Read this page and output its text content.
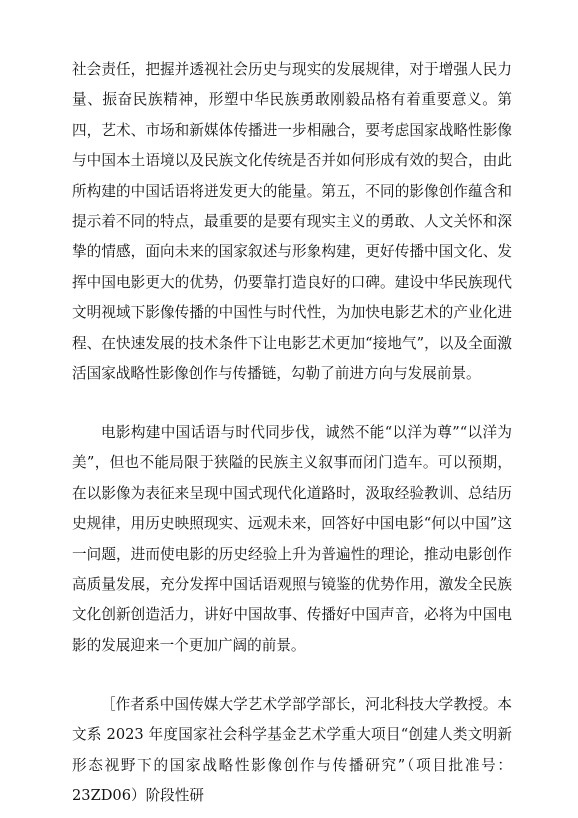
社会责任，把握并透视社会历史与现实的发展规律，对于增强人民力量、振奋民族精神，形塑中华民族勇敢刚毅品格有着重要意义。第四，艺术、市场和新媒体传播进一步相融合，要考虑国家战略性影像与中国本土语境以及民族文化传统是否并如何形成有效的契合，由此所构建的中国话语将迸发更大的能量。第五，不同的影像创作蕴含和提示着不同的特点，最重要的是要有现实主义的勇敢、人文关怀和深挚的情感，面向未来的国家叙述与形象构建，更好传播中国文化、发挥中国电影更大的优势，仍要靠打造良好的口碑。建设中华民族现代文明视域下影像传播的中国性与时代性，为加快电影艺术的产业化进程、在快速发展的技术条件下让电影艺术更加“接地气”，以及全面激活国家战略性影像创作与传播链，勾勒了前进方向与发展前景。

电影构建中国话语与时代同步伐，诚然不能“以洋为尊”“以洋为美”，但也不能局限于狭隘的民族主义叙事而闭门造车。可以预期，在以影像为表征来呈现中国式现代化道路时，汲取经验教训、总结历史规律，用历史映照现实、远观未来，回答好中国电影“何以中国”这一问题，进而使电影的历史经验上升为普遍性的理论，推动电影创作高质量发展，充分发挥中国话语观照与镜鉴的优势作用，激发全民族文化创新创造活力，讲好中国故事、传播好中国声音，必将为中国电影的发展迎来一个更加广阔的前景。

［作者系中国传媒大学艺术学部学部长，河北科技大学教授。本文系 2023 年度国家社会科学基金艺术学重大项目“创建人类文明新形态视野下的国家战略性影像创作与传播研究”（项目批准号：23ZD06）阶段性研
